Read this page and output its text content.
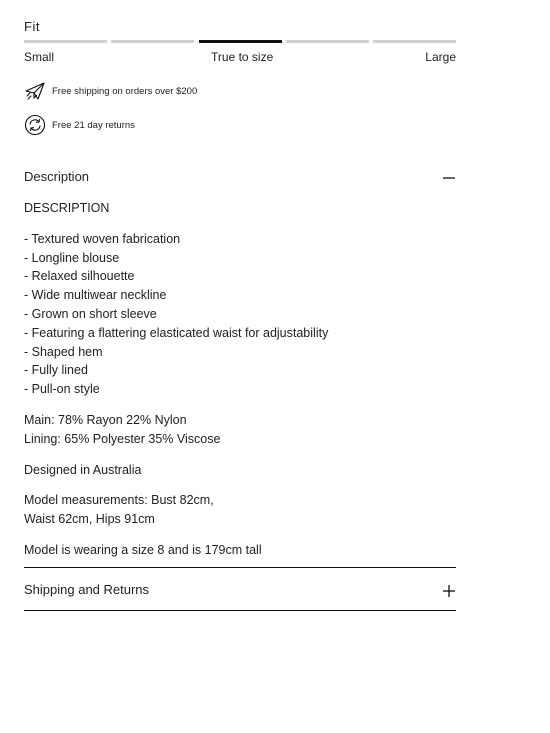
Fit
Small	True to size	Large
Free shipping on orders over $200
Free 21 day returns
Description

DESCRIPTION

- Textured woven fabrication
- Longline blouse
- Relaxed silhouette
- Wide multiwear neckline
- Grown on short sleeve
- Featuring a flattering elasticated waist for adjustability
- Shaped hem
- Fully lined
- Pull-on style

Main: 78% Rayon 22% Nylon
Lining: 65% Polyester 35% Viscose

Designed in Australia

Model measurements: Bust 82cm,
Waist 62cm, Hips 91cm

Model is wearing a size 8 and is 179cm tall

Shipping and Returns
